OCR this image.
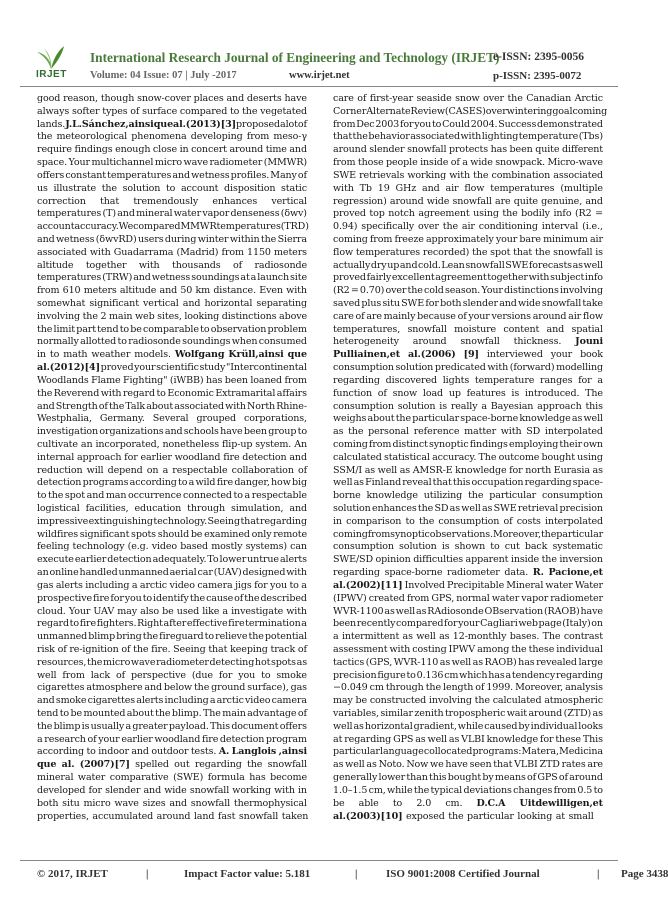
IRJET
International Research Journal of Engineering and Technology (IRJET)
e-ISSN: 2395-0056
Volume: 04 Issue: 07 | July -2017	www.irjet.net	p-ISSN: 2395-0072
good reason, though snow-cover places and deserts have
always softer types of surface compared to the vegetated
lands. J.L. Sánchez,ainsi que al.(2013)[3] proposed a lot of
the meteorological phenomena developing from meso-γ
require findings enough close in concert around time and
space. Your multichannel micro wave radiometer (MMWR)
offers constant temperatures and wetness profiles. Many of
us illustrate the solution to account disposition static
correction that tremendously enhances vertical
temperatures (T) and mineral water vapor denseness (δwv)
account accuracy. We compared MMWR temperatures (TRD)
and wetness (δwvRD) users during winter within the Sierra
associated with Guadarrama (Madrid) from 1150 meters
altitude together with thousands of radiosonde
temperatures (TRW) and wetness soundings at a launch site
from 610 meters altitude and 50 km distance. Even with
somewhat significant vertical and horizontal separating
involving the 2 main web sites, looking distinctions above
the limit part tend to be comparable to observation problem
normally allotted to radiosonde soundings when consumed
in to math weather models. Wolfgang Krüll,ainsi que
al.(2012)[4] proved your scientific study "Intercontinental
Woodlands Flame Fighting" (iWBB) has been loaned from
the Reverend with regard to Economic Extramarital affairs
and Strength of the Talk about associated with North Rhine-
Westphalia, Germany. Several grouped corporations,
investigation organizations and schools have been group to
cultivate an incorporated, nonetheless flip-up system. An
internal approach for earlier woodland fire detection and
reduction will depend on a respectable collaboration of
detection programs according to a wild fire danger, how big
to the spot and man occurrence connected to a respectable
logistical facilities, education through simulation, and
impressive extinguishing technology. Seeing that regarding
wildfires significant spots should be examined only remote
feeling technology (e.g. video based mostly systems) can
execute earlier detection adequately. To lower untrue alerts
an online handled unmanned aerial car (UAV) designed with
gas alerts including a arctic video camera jigs for you to a
prospective fire for you to identify the cause of the described
cloud. Your UAV may also be used like a investigate with
regard to fire fighters. Right after effective fire termination a
unmanned blimp bring the fireguard to relieve the potential
risk of re-ignition of the fire. Seeing that keeping track of
resources, the micro wave radiometer detecting hot spots as
well from lack of perspective (due for you to smoke
cigarettes atmosphere and below the ground surface), gas
and smoke cigarettes alerts including a arctic video camera
tend to be mounted about the blimp. The main advantage of
the blimp is usually a greater payload. This document offers
a research of your earlier woodland fire detection program
according to indoor and outdoor tests. A. Langlois ,ainsi
que al. (2007)[7] spelled out regarding the snowfall
mineral water comparative (SWE) formula has become
developed for slender and wide snowfall working with in
both situ micro wave sizes and snowfall thermophysical
properties, accumulated around land fast snowfall taken
care of first-year seaside snow over the Canadian Arctic
Corner Alternate Review (CASES) overwintering goal coming
from Dec 2003 for you to Could 2004. Success demonstrated
that the behavior associated with lighting temperature (Tbs)
around slender snowfall protects has been quite different
from those people inside of a wide snowpack. Micro-wave
SWE retrievals working with the combination associated
with Tb 19 GHz and air flow temperatures (multiple
regression) around wide snowfall are quite genuine, and
proved top notch agreement using the bodily info (R2 =
0.94) specifically over the air conditioning interval (i.e.,
coming from freeze approximately your bare minimum air
flow temperatures recorded) the spot that the snowfall is
actually dry up and cold. Lean snowfall SWE forecasts as well
proved fairly excellent agreement together with subject info
(R2 = 0.70) over the cold season. Your distinctions involving
saved plus situ SWE for both slender and wide snowfall take
care of are mainly because of your versions around air flow
temperatures, snowfall moisture content and spatial
heterogeneity around snowfall thickness. Jouni
Pulliainen,et al.(2006) [9] interviewed your book
consumption solution predicated with (forward) modelling
regarding discovered lights temperature ranges for a
function of snow load up features is introduced. The
consumption solution is really a Bayesian approach this
weighs about the particular space-borne knowledge as well
as the personal reference matter with SD interpolated
coming from distinct synoptic findings employing their own
calculated statistical accuracy. The outcome bought using
SSM/I as well as AMSR-E knowledge for north Eurasia as
well as Finland reveal that this occupation regarding space-
borne knowledge utilizing the particular consumption
solution enhances the SD as well as SWE retrieval precision
in comparison to the consumption of costs interpolated
coming from synoptic observations. Moreover, the particular
consumption solution is shown to cut back systematic
SWE/SD opinion difficulties apparent inside the inversion
regarding space-borne radiometer data. R. Pacione,et
al.(2002)[11] Involved Precipitable Mineral water Water
(IPWV) created from GPS, normal water vapor radiometer
WVR-1100 as well as RAdiosonde OBservation (RAOB) have
been recently compared for your Cagliari web page (Italy) on
a intermittent as well as 12-monthly bases. The contrast
assessment with costing IPWV among the these individual
tactics (GPS, WVR-110 as well as RAOB) has revealed large
precision figure to 0.136 cm which has a tendency regarding
−0.049 cm through the length of 1999. Moreover, analysis
may be constructed involving the calculated atmospheric
variables, similar zenith tropospheric wait around (ZTD) as
well as horizontal gradient, while caused by individual looks
at regarding GPS as well as VLBI knowledge for these This
particular language collocated programs: Matera, Medicina
as well as Noto. Now we have seen that VLBI ZTD rates are
generally lower than this bought by means of GPS of around
1.0–1.5 cm, while the typical deviations changes from 0.5 to
be able to 2.0 cm. D.C.A Uitdewilligen,et
al.(2003)[10] exposed the particular looking at small
© 2017, IRJET	|	Impact Factor value: 5.181	|	ISO 9001:2008 Certified Journal	| Page 3438
